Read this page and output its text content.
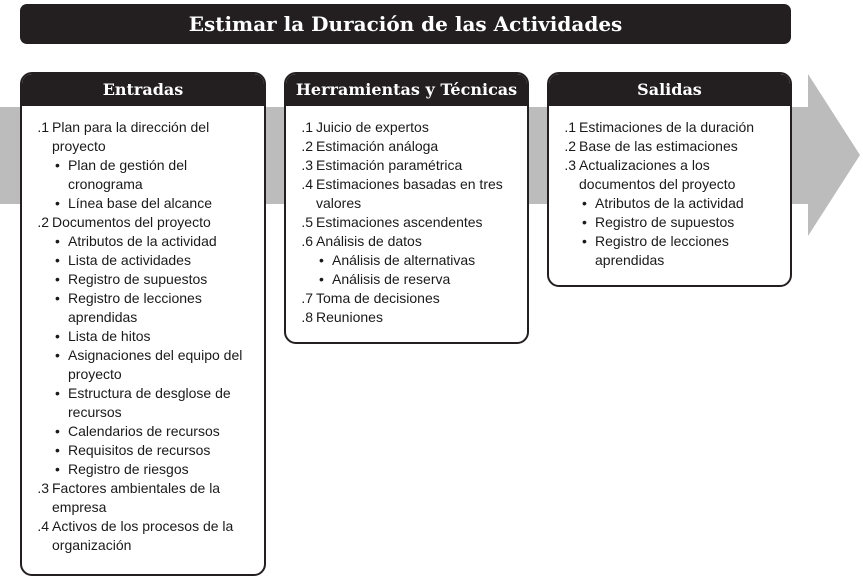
Estimar la Duración de las Actividades
Entradas
.1 Plan para la dirección del proyecto
• Plan de gestión del cronograma
• Línea base del alcance
.2 Documentos del proyecto
• Atributos de la actividad
• Lista de actividades
• Registro de supuestos
• Registro de lecciones aprendidas
• Lista de hitos
• Asignaciones del equipo del proyecto
• Estructura de desglose de recursos
• Calendarios de recursos
• Requisitos de recursos
• Registro de riesgos
.3 Factores ambientales de la empresa
.4 Activos de los procesos de la organización
Herramientas y Técnicas
.1 Juicio de expertos
.2 Estimación análoga
.3 Estimación paramétrica
.4 Estimaciones basadas en tres valores
.5 Estimaciones ascendentes
.6 Análisis de datos
• Análisis de alternativas
• Análisis de reserva
.7 Toma de decisiones
.8 Reuniones
Salidas
.1 Estimaciones de la duración
.2 Base de las estimaciones
.3 Actualizaciones a los documentos del proyecto
• Atributos de la actividad
• Registro de supuestos
• Registro de lecciones aprendidas
